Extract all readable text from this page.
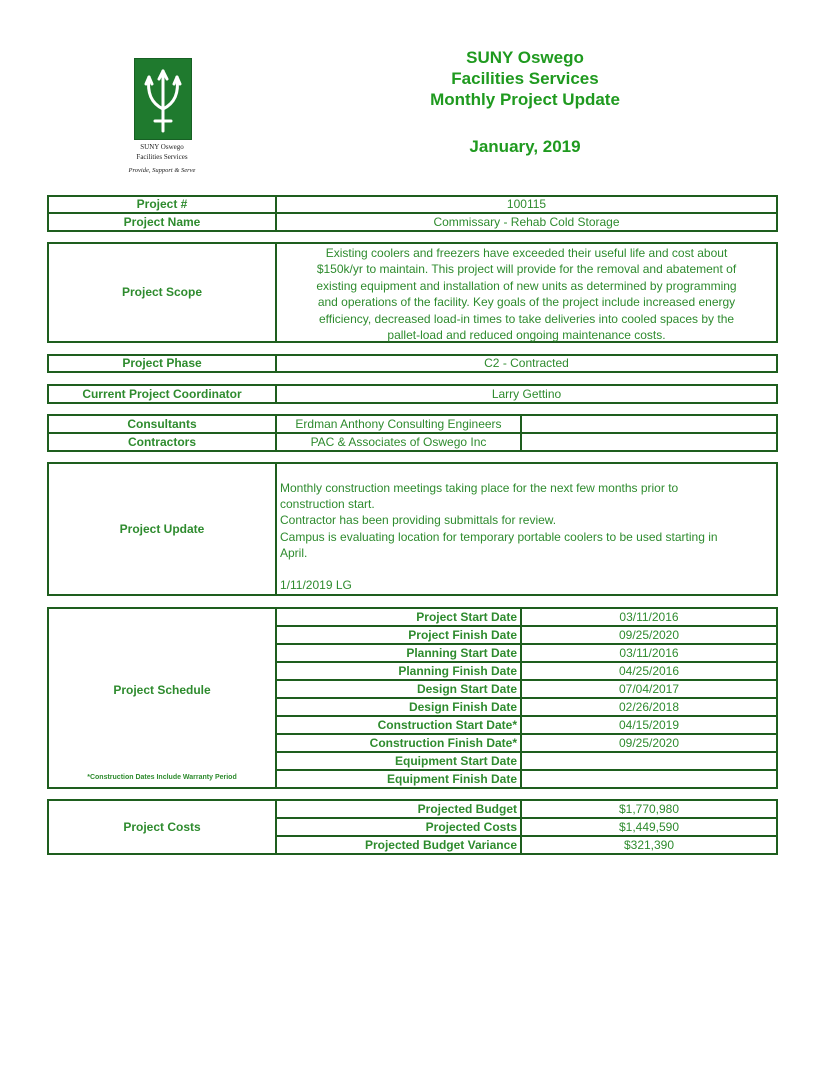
SUNY Oswego
Facilities Services
Provide, Support & Serve
SUNY Oswego
Facilities Services
Monthly Project Update
January, 2019
Project #	100115
Project Name	Commissary - Rehab Cold Storage
Project Scope
Existing coolers and freezers have exceeded their useful life and cost about
$150k/yr to maintain. This project will provide for the removal and abatement of
existing equipment and installation of new units as determined by programming
and operations of the facility. Key goals of the project include increased energy
efficiency, decreased load-in times to take deliveries into cooled spaces by the
pallet-load and reduced ongoing maintenance costs.
Project Phase	C2 - Contracted
Current Project Coordinator	Larry Gettino
Consultants	Erdman Anthony Consulting Engineers
Contractors	PAC & Associates of Oswego Inc
Project Update
Monthly construction meetings taking place for the next few months prior to
construction start.
Contractor has been providing submittals for review.
Campus is evaluating location for temporary portable coolers to be used starting in
April.
1/11/2019 LG
Project Schedule
*Construction Dates Include Warranty Period
Project Start Date	03/11/2016
Project Finish Date	09/25/2020
Planning Start Date	03/11/2016
Planning Finish Date	04/25/2016
Design Start Date	07/04/2017
Design Finish Date	02/26/2018
Construction Start Date*	04/15/2019
Construction Finish Date*	09/25/2020
Equipment Start Date
Equipment Finish Date
Project Costs
Projected Budget	$1,770,980
Projected Costs	$1,449,590
Projected Budget Variance	$321,390
